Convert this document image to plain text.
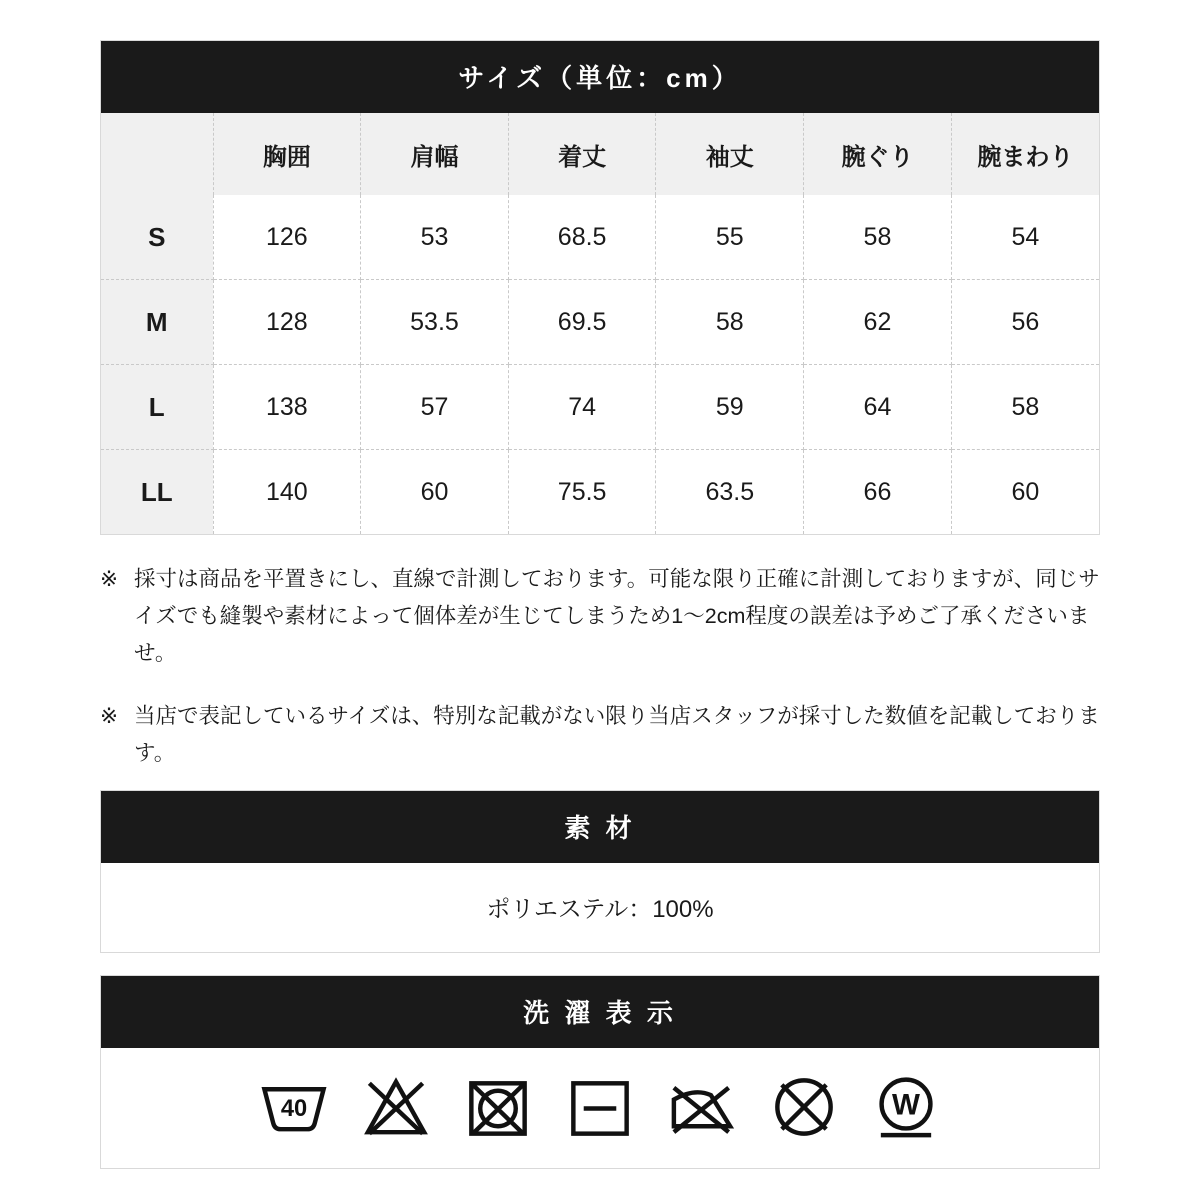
サイズ（単位：cm）
	胸囲	肩幅	着丈	袖丈	腕ぐり	腕まわり
S	126	53	68.5	55	58	54
M	128	53.5	69.5	58	62	56
L	138	57	74	59	64	58
LL	140	60	75.5	63.5	66	60

※ 採寸は商品を平置きにし、直線で計測しております。可能な限り正確に計測しておりますが、同じサイズでも縫製や素材によって個体差が生じてしまうため1〜2cm程度の誤差は予めご了承くださいませ。

※ 当店で表記しているサイズは、特別な記載がない限り当店スタッフが採寸した数値を記載しております。

素 材
ポリエステル：100%
洗 濯 表 示
40	W
